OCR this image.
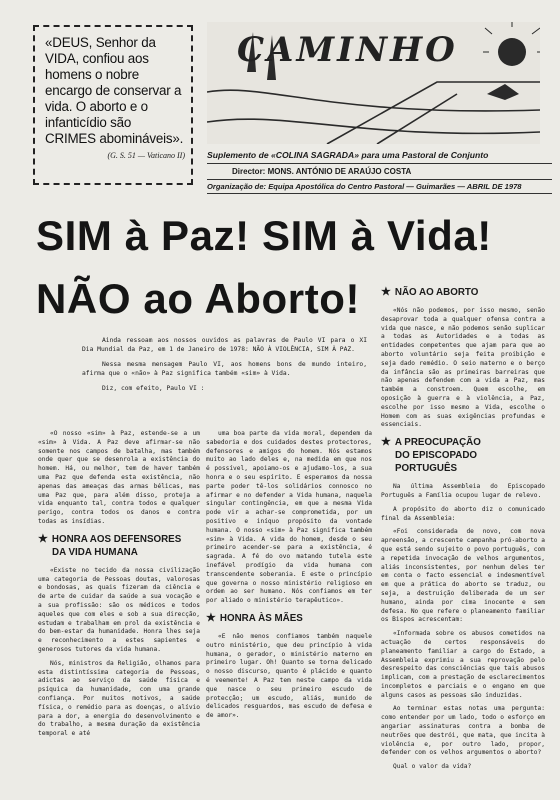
«DEUS, Senhor da VIDA, confiou aos homens o nobre encargo de conservar a vida. O aborto e o infanticídio são CRIMES abomináveis».
(G. S. 51 — Vaticano II)
CAMINHO
Suplemento de «COLINA SAGRADA» para uma Pastoral de Conjunto
Director: MONS. ANTÓNIO DE ARAÚJO COSTA
Organização de: Equipa Apostólica do Centro Pastoral — Guimarães — ABRIL DE 1978
SIM à Paz! SIM à Vida!
NÃO ao Aborto!

Ainda ressoam aos nossos ouvidos as palavras de Paulo VI para o XI Dia Mundial da Paz, em 1 de Janeiro de 1978: NÃO À VIOLÊNCIA, SIM À PAZ.

Nessa mesma mensagem Paulo VI, aos homens bons de mundo inteiro, afirma que o «não» à Paz significa também «sim» à Vida.

Diz, com efeito, Paulo VI :

«O nosso «sim» à Paz, estende-se a um «sim» à Vida. A Paz deve afirmar-se não somente nos campos de batalha, mas também onde quer que se desenrola a existência do homem. Há, ou melhor, tem de haver também uma Paz que defenda esta existência, não apenas das ameaças das armas bélicas, mas uma Paz que, para além disso, proteja a vida enquanto tal, contra todos e qualquer perigo, contra todos os danos e contra todas as insídias.

★ HONRA AOS DEFENSORES
DA VIDA HUMANA

«Existe no tecido da nossa civilização uma categoria de Pessoas doutas, valorosas e bondosas, as quais fizeram da ciência e de arte de cuidar da saúde a sua vocação e a sua profissão: são os médicos e todos aqueles que com eles e sob a sua direcção, estudam e trabalham em prol da existência e do bem-estar da humanidade. Honra lhes seja e reconhecimento a estes sapientes e generosos tutores da vida humana.

Nós, ministros da Religião, olhamos para esta distintíssima categoria de Pessoas, adictas ao serviço da saúde física e psíquica da humanidade, com uma grande confiança. Por muitos motivos, a saúde física, o remédio para as doenças, o alívio para a dor, a energia do desenvolvimento e do trabalho, a mesma duração da existência temporal e até

uma boa parte da vida moral, dependem da sabedoria e dos cuidados destes protectores, defensores e amigos do homem. Nós estamos muito ao lado deles e, na medida em que nos é possível, apoiamo-os e ajudamo-los, a sua honra e o seu espírito. E esperamos da nossa parte poder tê-los solidários connosco no afirmar e no defender a Vida humana, naquela singular contingência, em que a mesma Vida pode vir a achar-se comprometida, por um positivo e iníquo propósito da vontade humana. O nosso «sim» à Paz significa também «sim» à Vida. A vida do homem, desde o seu primeiro acender-se para a existência, é sagrada. A fé do ovo matando tutela este inefável prodígio da vida humana com transcendente soberania. E este o princípio que governa o nosso ministério religioso em ordem ao ser humano. Nós confiamos em ter por aliado o ministério terapêutico».

★ HONRA ÀS MÃES

«E não menos confiamos também naquele outro ministério, que deu princípio à vida humana, o gerador, o ministério materno em primeiro lugar. Oh! Quanto se torna delicado o nosso discurso, quanto é plácido e quanto é veemente! A Paz tem neste campo da vida que nasce o seu primeiro escudo de protecção; um escudo, aliás, munido de delicados resguardos, mas escudo de defesa e de amor».

★ NÃO AO ABORTO

«Nós não podemos, por isso mesmo, senão desaprovar toda a qualquer ofensa contra a vida que nasce, e não podemos senão suplicar a todas as Autoridades e a todas as entidades competentes que ajam para que ao aborto voluntário seja feita proibição e seja dado remédio. O seio materno e o berço da infância são as primeiras barreiras que não apenas defendem com a vida a Paz, mas também a constroem. Quem escolhe, em oposição à guerra e à violência, a Paz, escolhe por isso mesmo a Vida, escolhe o Homem com as suas exigências profundas e essenciais.

★ A PREOCUPAÇÃO
DO EPISCOPADO
PORTUGUÊS

Na última Assembleia do Episcopado Português a Família ocupou lugar de relevo.

A propósito do aborto diz o comunicado final da Assembleia:

«Foi considerada de novo, com nova apreensão, a crescente campanha pró-aborto a que está sendo sujeito o povo português, com a repetida invocação de velhos argumentos, aliás inconsistentes, por nenhum deles ter em conta o facto essencial e indesmentível em que a prática do aborto se traduz, ou seja, a destruição deliberada de um ser humano, ainda por cima inocente e sem defesa. No que refere o planeamento familiar os Bispos acrescentam:

«Informada sobre os abusos cometidos na actuação de certos responsáveis do planeamento familiar a cargo do Estado, a Assembleia exprimiu a sua reprovação pelo desrespeito das consciências que tais abusos implicam, com a prestação de esclarecimentos incompletos e parciais e o engano em que alguns casos as pessoas são induzidas.

Ao terminar estas notas uma pergunta: como entender por um lado, todo o esforço em angariar assinaturas contra a bomba de neutrões que destrói, que mata, que incita à violência e, por outro lado, propor, defender com os velhos argumentos o aborto?

Qual o valor da vida?
